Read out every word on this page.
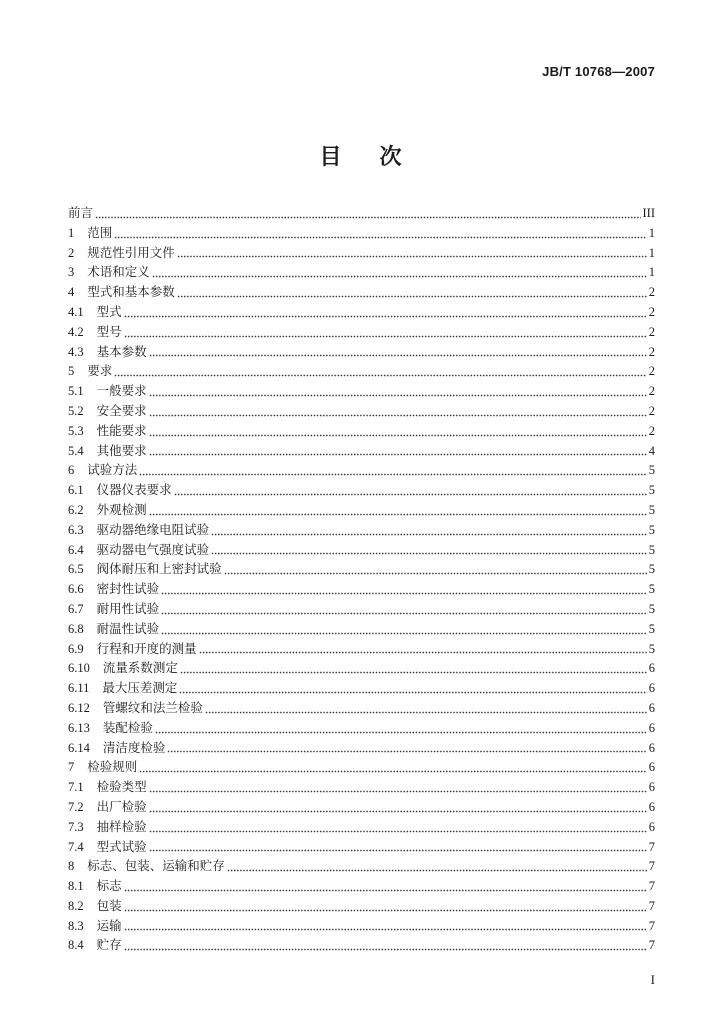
JB/T 10768—2007
目　次
前言	III
1 范围	1
2 规范性引用文件	1
3 术语和定义	1
4 型式和基本参数	2
4.1 型式	2
4.2 型号	2
4.3 基本参数	2
5 要求	2
5.1 一般要求	2
5.2 安全要求	2
5.3 性能要求	2
5.4 其他要求	4
6 试验方法	5
6.1 仪器仪表要求	5
6.2 外观检测	5
6.3 驱动器绝缘电阻试验	5
6.4 驱动器电气强度试验	5
6.5 阀体耐压和上密封试验	5
6.6 密封性试验	5
6.7 耐用性试验	5
6.8 耐温性试验	5
6.9 行程和开度的测量	5
6.10 流量系数测定	6
6.11 最大压差测定	6
6.12 管螺纹和法兰检验	6
6.13 装配检验	6
6.14 清洁度检验	6
7 检验规则	6
7.1 检验类型	6
7.2 出厂检验	6
7.3 抽样检验	6
7.4 型式试验	7
8 标志、包装、运输和贮存	7
8.1 标志	7
8.2 包装	7
8.3 运输	7
8.4 贮存	7
I
